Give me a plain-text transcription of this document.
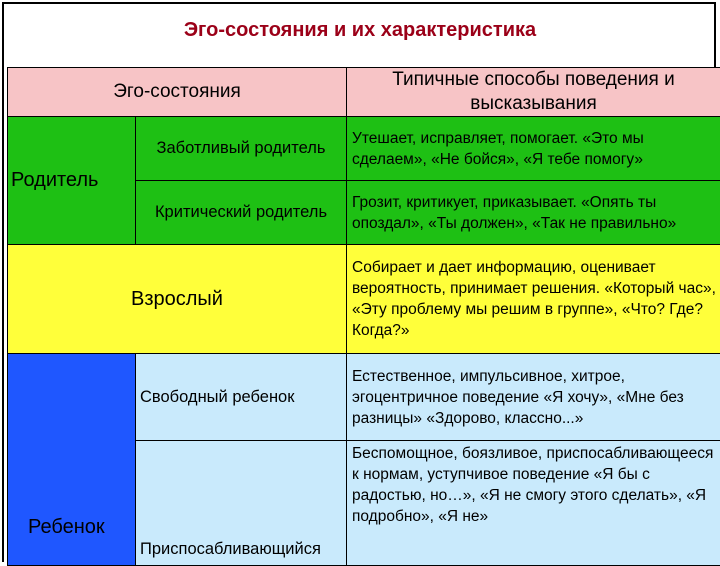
Эго-состояния и их характеристика
Эго-состояния		Типичные способы поведения и высказывания
Родитель	Заботливый родитель	Утешает, исправляет, помогает. «Это мы сделаем», «Не бойся», «Я тебе помогу»
	Критический родитель	Грозит, критикует, приказывает. «Опять ты опоздал», «Ты должен», «Так не правильно»
Взрослый		Собирает и дает информацию, оценивает вероятность, принимает решения. «Который час», «Эту проблему мы решим в группе», «Что? Где? Когда?»
Ребенок	Свободный ребенок	Естественное, импульсивное, хитрое, эгоцентричное поведение «Я хочу», «Мне без разницы» «Здорово, классно...»
	Приспосабливающийся	Беспомощное, боязливое, приспосабливающееся к нормам, уступчивое поведение «Я бы с радостью, но…», «Я не смогу этого сделать», «Я подробно», «Я не»
